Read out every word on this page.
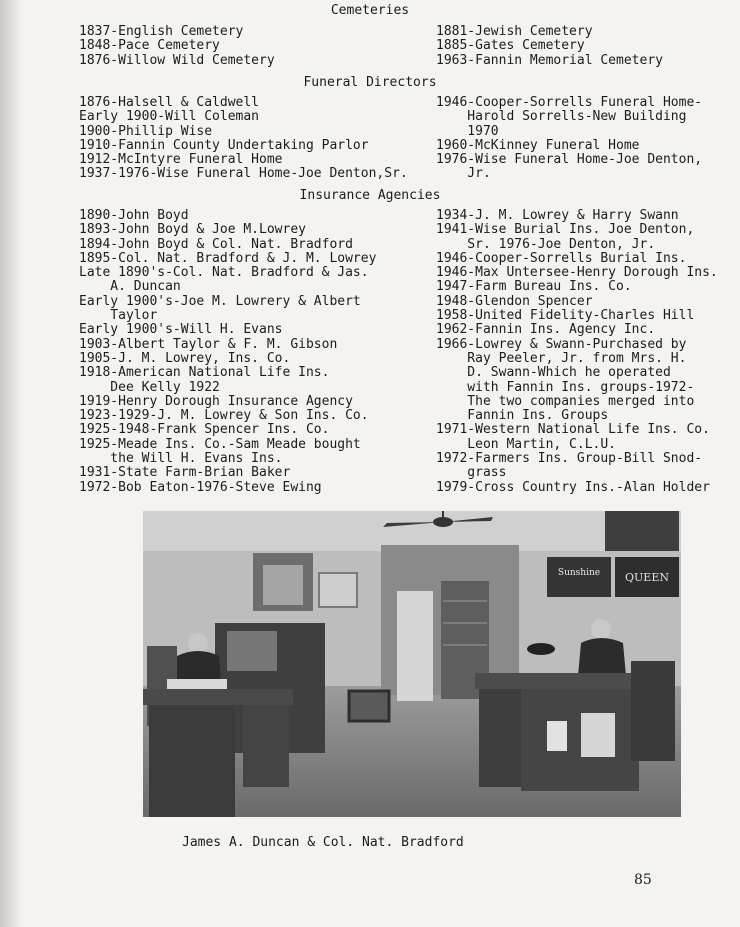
Cemeteries
1837-English Cemetery
1848-Pace Cemetery
1876-Willow Wild Cemetery
1881-Jewish Cemetery
1885-Gates Cemetery
1963-Fannin Memorial Cemetery
Funeral Directors
1876-Halsell & Caldwell
Early 1900-Will Coleman
1900-Phillip Wise
1910-Fannin County Undertaking Parlor
1912-McIntyre Funeral Home
1937-1976-Wise Funeral Home-Joe Denton,Sr.
1946-Cooper-Sorrells Funeral Home-
Harold Sorrells-New Building
1970
1960-McKinney Funeral Home
1976-Wise Funeral Home-Joe Denton,
Jr.
Insurance Agencies
1890-John Boyd
1893-John Boyd & Joe M.Lowrey
1894-John Boyd & Col. Nat. Bradford
1895-Col. Nat. Bradford & J. M. Lowrey
Late 1890's-Col. Nat. Bradford & Jas.
A. Duncan
Early 1900's-Joe M. Lowrery & Albert
Taylor
Early 1900's-Will H. Evans
1903-Albert Taylor & F. M. Gibson
1905-J. M. Lowrey, Ins. Co.
1918-American National Life Ins.
Dee Kelly 1922
1919-Henry Dorough Insurance Agency
1923-1929-J. M. Lowrey & Son Ins. Co.
1925-1948-Frank Spencer Ins. Co.
1925-Meade Ins. Co.-Sam Meade bought
the Will H. Evans Ins.
1931-State Farm-Brian Baker
1972-Bob Eaton-1976-Steve Ewing
1934-J. M. Lowrey & Harry Swann
1941-Wise Burial Ins. Joe Denton,
Sr. 1976-Joe Denton, Jr.
1946-Cooper-Sorrells Burial Ins.
1946-Max Untersee-Henry Dorough Ins.
1947-Farm Bureau Ins. Co.
1948-Glendon Spencer
1958-United Fidelity-Charles Hill
1962-Fannin Ins. Agency Inc.
1966-Lowrey & Swann-Purchased by
Ray Peeler, Jr. from Mrs. H.
D. Swann-Which he operated
with Fannin Ins. groups-1972-
The two companies merged into
Fannin Ins. Groups
1971-Western National Life Ins. Co.
Leon Martin, C.L.U.
1972-Farmers Ins. Group-Bill Snod-
grass
1979-Cross Country Ins.-Alan Holder
Sunshine QUEEN
James A. Duncan & Col. Nat. Bradford
85
